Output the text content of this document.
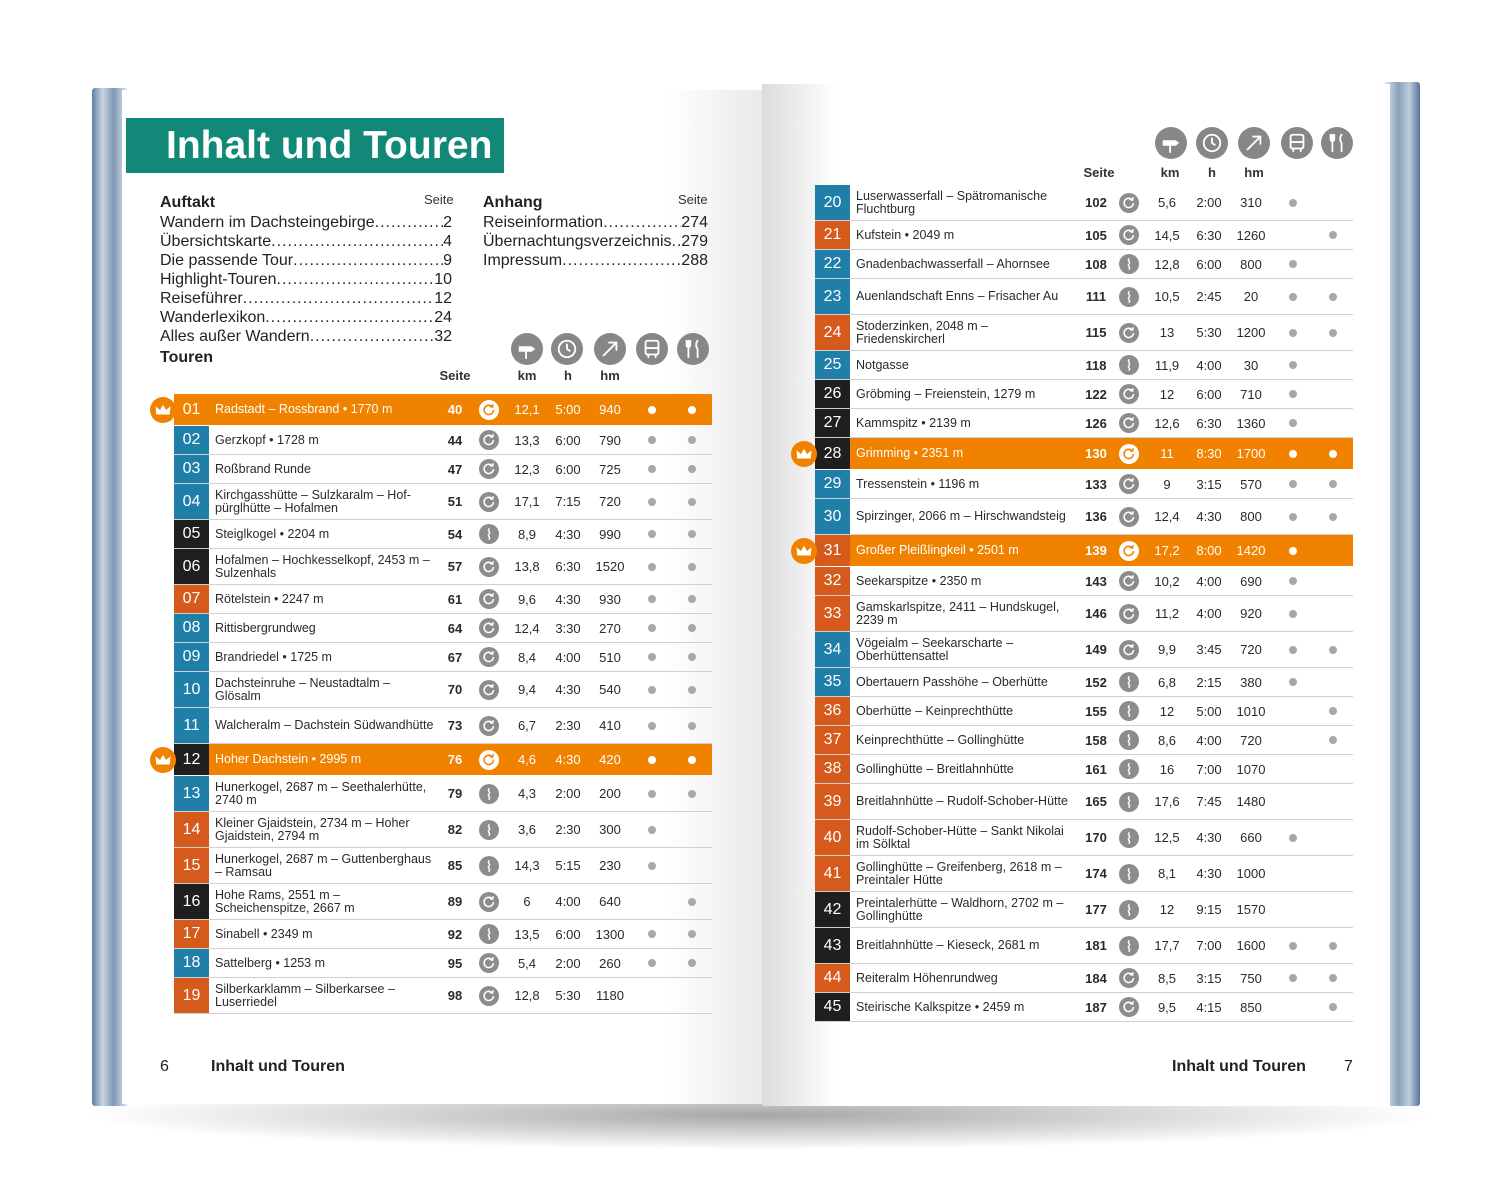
Inhalt und Touren
Auftakt	Seite
Wandern im Dachsteingebirge .....	2
Übersichtskarte .....	4
Die passende Tour .....	9
Highlight-Touren .....	10
Reiseführer .....	12
Wanderlexikon .....	24
Alles außer Wandern .....	32
Anhang	Seite
Reiseinformation .....	274
Übernachtungsverzeichnis ..... 279
Impressum .....	288
Touren
Seite	km	h	hm
Seite	km	h	hm
01	Radstadt – Rossbrand • 1770 m	40	12,1	5:00	940
02	Gerzkopf • 1728 m	44	13,3	6:00	790
03	Roßbrand Runde	47	12,3	6:00	725
04	Kirchgasshütte – Sulzkaralm – Hof-pürglhütte – Hofalmen	51	17,1	7:15	720
05	Steiglkogel • 2204 m	54	8,9	4:30	990
06	Hofalmen – Hochkesselkopf, 2453 m – Sulzenhals	57	13,8	6:30	1520
07	Rötelstein • 2247 m	61	9,6	4:30	930
08	Rittisbergrundweg	64	12,4	3:30	270
09	Brandriedel • 1725 m	67	8,4	4:00	510
10	Dachsteinruhe – Neustadtalm – Glösalm	70	9,4	4:30	540
11	Walcheralm – Dachstein Südwandhütte	73	6,7	2:30	410
12	Hoher Dachstein • 2995 m	76	4,6	4:30	420
13	Hunerkogel, 2687 m – Seethalerhütte, 2740 m	79	4,3	2:00	200
14	Kleiner Gjaidstein, 2734 m – Hoher Gjaidstein, 2794 m	82	3,6	2:30	300
15	Hunerkogel, 2687 m – Guttenberghaus – Ramsau	85	14,3	5:15	230
16	Hohe Rams, 2551 m – Scheichenspitze, 2667 m	89	6	4:00	640
17	Sinabell • 2349 m	92	13,5	6:00	1300
18	Sattelberg • 1253 m	95	5,4	2:00	260
19	Silberkarklamm – Silberkarsee – Luserriedel	98	12,8	5:30	1180
20	Luserwasserfall – Spätromanische Fluchtburg	102	5,6	2:00	310
21	Kufstein • 2049 m	105	14,5	6:30	1260
22	Gnadenbachwasserfall – Ahornsee	108	12,8	6:00	800
23	Auenlandschaft Enns – Frisacher Au	111	10,5	2:45	20
24	Stoderzinken, 2048 m – Friedenskircherl	115	13	5:30	1200
25	Notgasse	118	11,9	4:00	30
26	Gröbming – Freienstein, 1279 m	122	12	6:00	710
27	Kammspitz • 2139 m	126	12,6	6:30	1360
28	Grimming • 2351 m	130	11	8:30	1700
29	Tressenstein • 1196 m	133	9	3:15	570
30	Spirzinger, 2066 m – Hirschwandsteig	136	12,4	4:30	800
31	Großer Pleißlingkeil • 2501 m	139	17,2	8:00	1420
32	Seekarspitze • 2350 m	143	10,2	4:00	690
33	Gamskarlspitze, 2411 – Hundskugel, 2239 m	146	11,2	4:00	920
34	Vögeialm – Seekarscharte – Oberhüttensattel	149	9,9	3:45	720
35	Obertauern Passhöhe – Oberhütte	152	6,8	2:15	380
36	Oberhütte – Keinprechthütte	155	12	5:00	1010
37	Keinprechthütte – Gollinghütte	158	8,6	4:00	720
38	Gollinghütte – Breitlahnhütte	161	16	7:00	1070
39	Breitlahnhütte – Rudolf-Schober-Hütte	165	17,6	7:45	1480
40	Rudolf-Schober-Hütte – Sankt Nikolai im Sölktal	170	12,5	4:30	660
41	Gollinghütte – Greifenberg, 2618 m – Preintaler Hütte	174	8,1	4:30	1000
42	Preintalerhütte – Waldhorn, 2702 m – Gollinghütte	177	12	9:15	1570
43	Breitlahnhütte – Kieseck, 2681 m	181	17,7	7:00	1600
44	Reiteralm Höhenrundweg	184	8,5	3:15	750
45	Steirische Kalkspitze • 2459 m	187	9,5	4:15	850
6	Inhalt und Touren	Inhalt und Touren 7
